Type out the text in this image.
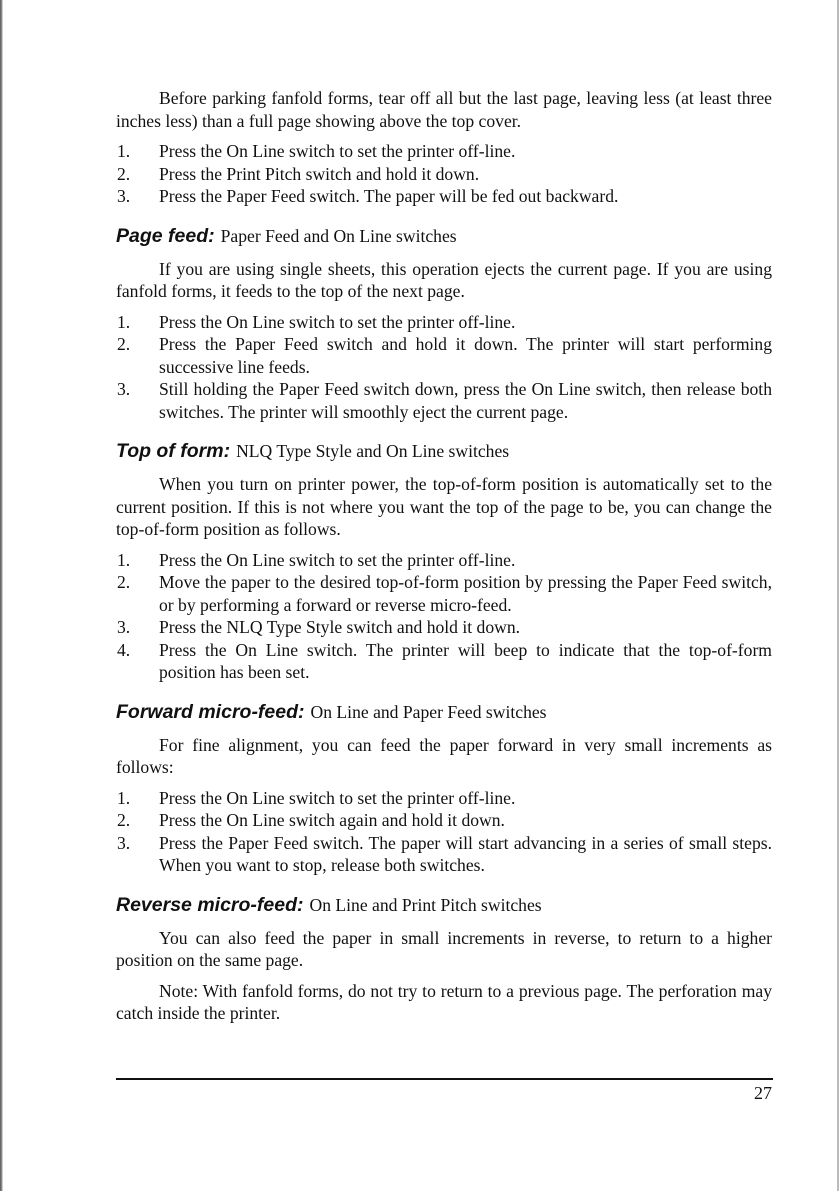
Before parking fanfold forms, tear off all but the last page, leaving less (at least three inches less) than a full page showing above the top cover.

1. Press the On Line switch to set the printer off-line.
2. Press the Print Pitch switch and hold it down.
3. Press the Paper Feed switch. The paper will be fed out backward.
Page feed: Paper Feed and On Line switches

If you are using single sheets, this operation ejects the current page. If you are using fanfold forms, it feeds to the top of the next page.

1. Press the On Line switch to set the printer off-line.
2. Press the Paper Feed switch and hold it down. The printer will start performing successive line feeds.
3. Still holding the Paper Feed switch down, press the On Line switch, then release both switches. The printer will smoothly eject the current page.
Top of form: NLQ Type Style and On Line switches

When you turn on printer power, the top-of-form position is automatically set to the current position. If this is not where you want the top of the page to be, you can change the top-of-form position as follows.

1. Press the On Line switch to set the printer off-line.
2. Move the paper to the desired top-of-form position by pressing the Paper Feed switch, or by performing a forward or reverse micro-feed.
3. Press the NLQ Type Style switch and hold it down.
4. Press the On Line switch. The printer will beep to indicate that the top-of-form position has been set.
Forward micro-feed: On Line and Paper Feed switches

For fine alignment, you can feed the paper forward in very small increments as follows:

1. Press the On Line switch to set the printer off-line.
2. Press the On Line switch again and hold it down.
3. Press the Paper Feed switch. The paper will start advancing in a series of small steps. When you want to stop, release both switches.
Reverse micro-feed: On Line and Print Pitch switches

You can also feed the paper in small increments in reverse, to return to a higher position on the same page.

Note: With fanfold forms, do not try to return to a previous page. The perforation may catch inside the printer.

27
